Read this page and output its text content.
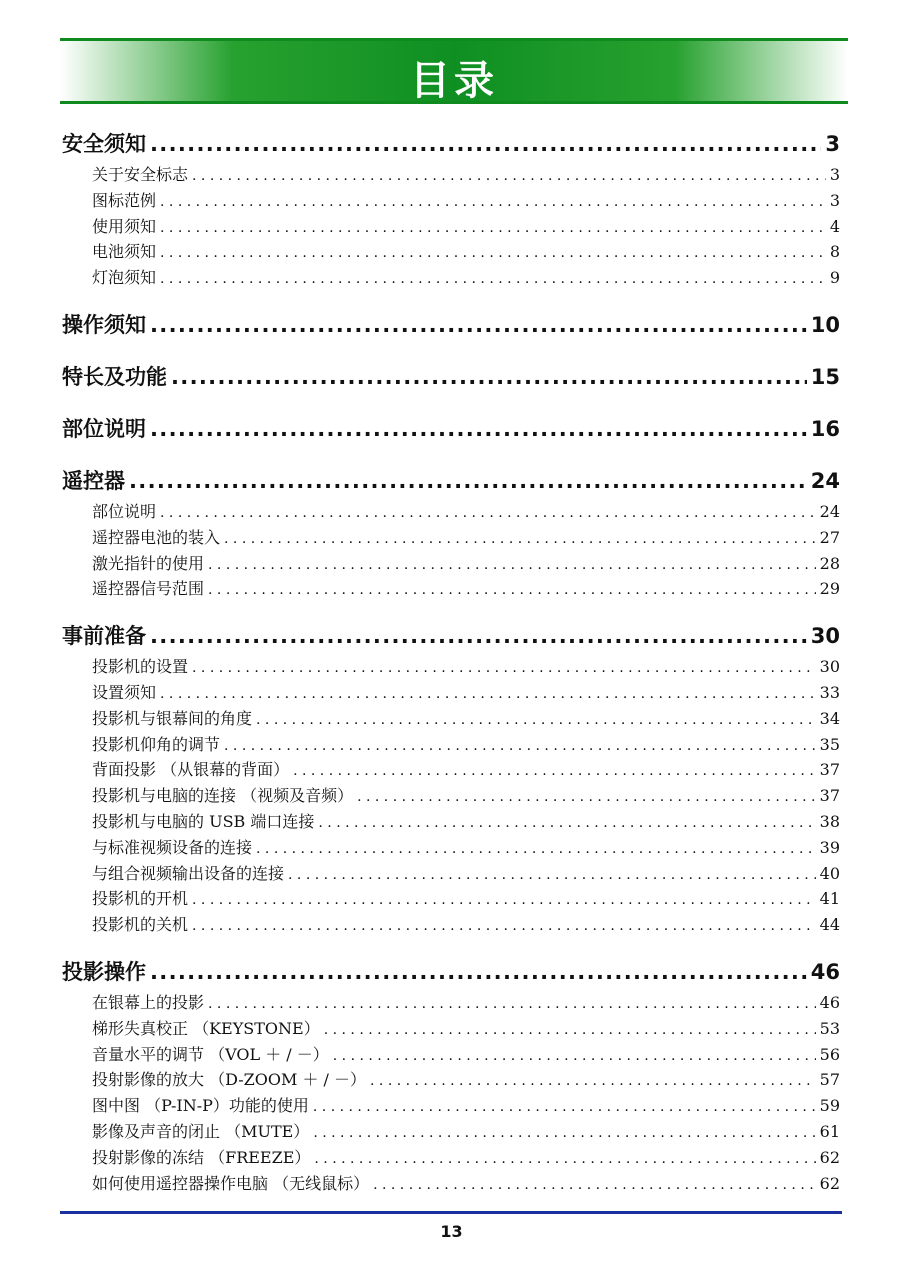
目录
安全须知 . . .	3
关于安全标志 . . .	3
图标范例 . . .	3
使用须知 . . .	4
电池须知 . . .	8
灯泡须知 . . .	9
操作须知 . . .	10
特长及功能 . . .	15
部位说明 . . .	16
遥控器 . . .	24
部位说明 . . .	24
遥控器电池的装入 . . .	27
激光指针的使用 . . .	28
遥控器信号范围 . . .	29
事前准备 . . .	30
投影机的设置 . . .	30
设置须知 . . .	33
投影机与银幕间的角度 . . .	34
投影机仰角的调节 . . .	35
背面投影 （从银幕的背面） . . .	37
投影机与电脑的连接 （视频及音频） . . .	37
投影机与电脑的 USB 端口连接 . . .	38
与标准视频设备的连接 . . .	39
与组合视频输出设备的连接 . . .	40
投影机的开机 . . .	41
投影机的关机 . . .	44
投影操作 . . .	46
在银幕上的投影 . . .	46
梯形失真校正 （KEYSTONE） . . .	53
音量水平的调节 （VOL ＋ / －） . . .	56
投射影像的放大 （D-ZOOM ＋ / －） . . .	57
图中图 （P-IN-P）功能的使用 . . .	59
影像及声音的闭止 （MUTE） . . .	61
投射影像的冻结 （FREEZE） . . .	62
如何使用遥控器操作电脑 （无线鼠标） . . .	62
13
